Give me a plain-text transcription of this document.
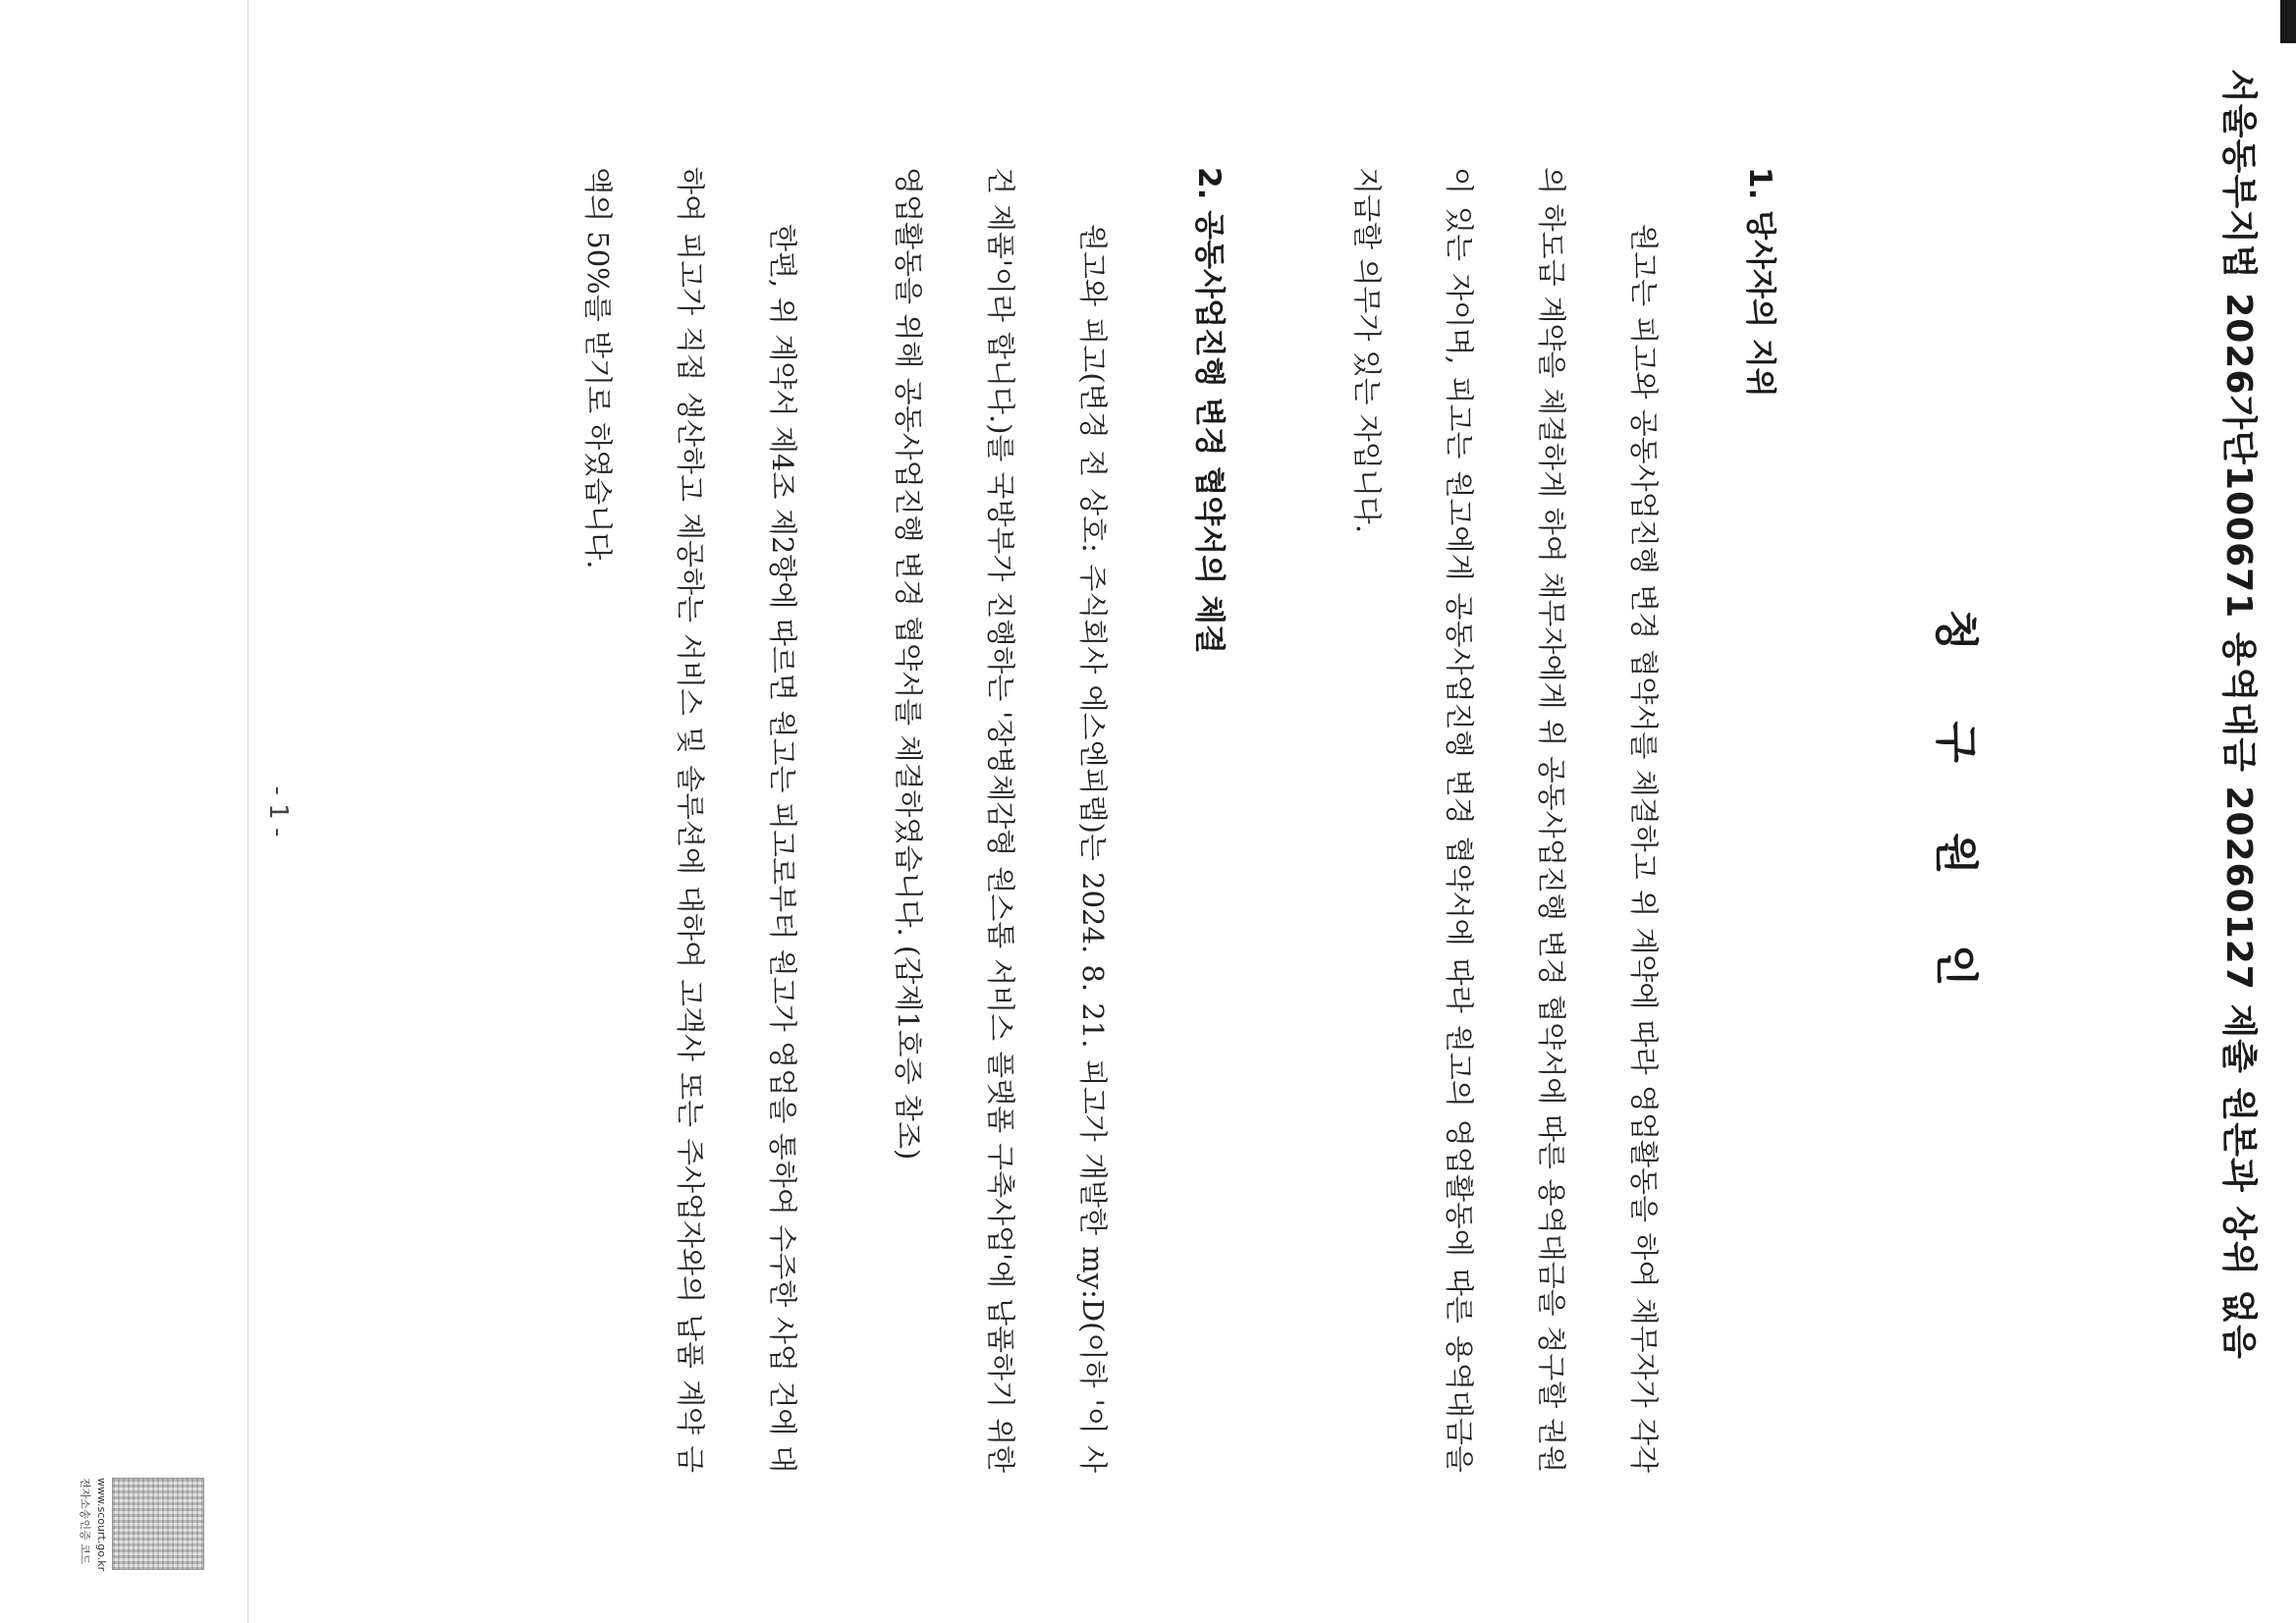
서울동부지법 2026가단100671 용역대금 20260127 제출 원본과 상위 없음
청 구 원 인
1. 당사자의 지위

원고는 피고와 공동사업진행 변경 협약서를 체결하고 위 계약에 따라 영업활동을 하여 채무자가 각각의 하도급 계약을 체결하게 하여 채무자에게 위 공동사업진행 변경 협약서에 따른 용역대금을 청구할 권원이 있는 자이며, 피고는 원고에게 공동사업진행 변경 협약서에 따라 원고의 영업활동에 따른 용역대금을 지급할 의무가 있는 자입니다.

2. 공동사업진행 변경 협약서의 체결

원고와 피고(변경 전 상호: 주식회사 에스엔피랩)는 2024. 8. 21. 피고가 개발한 my:D(이하 '이 사건 제품'이라 합니다.)를 국방부가 진행하는 '장병체감형 원스톱 서비스 플랫폼 구축사업'에 납품하기 위한 영업활동을 위해 공동사업진행 변경 협약서를 체결하였습니다. (갑제1호증 참조)

한편, 위 계약서 제4조 제2항에 따르면 원고는 피고로부터 원고가 영업을 통하여 수주한 사업 건에 대하여 피고가 직접 생산하고 제공하는 서비스 및 솔루션에 대하여 고객사 또는 주사업자와의 납품 계약 금액의 50%를 받기로 하였습니다.

- 1 -
www.scourt.go.kr
전자소송인증 코드
